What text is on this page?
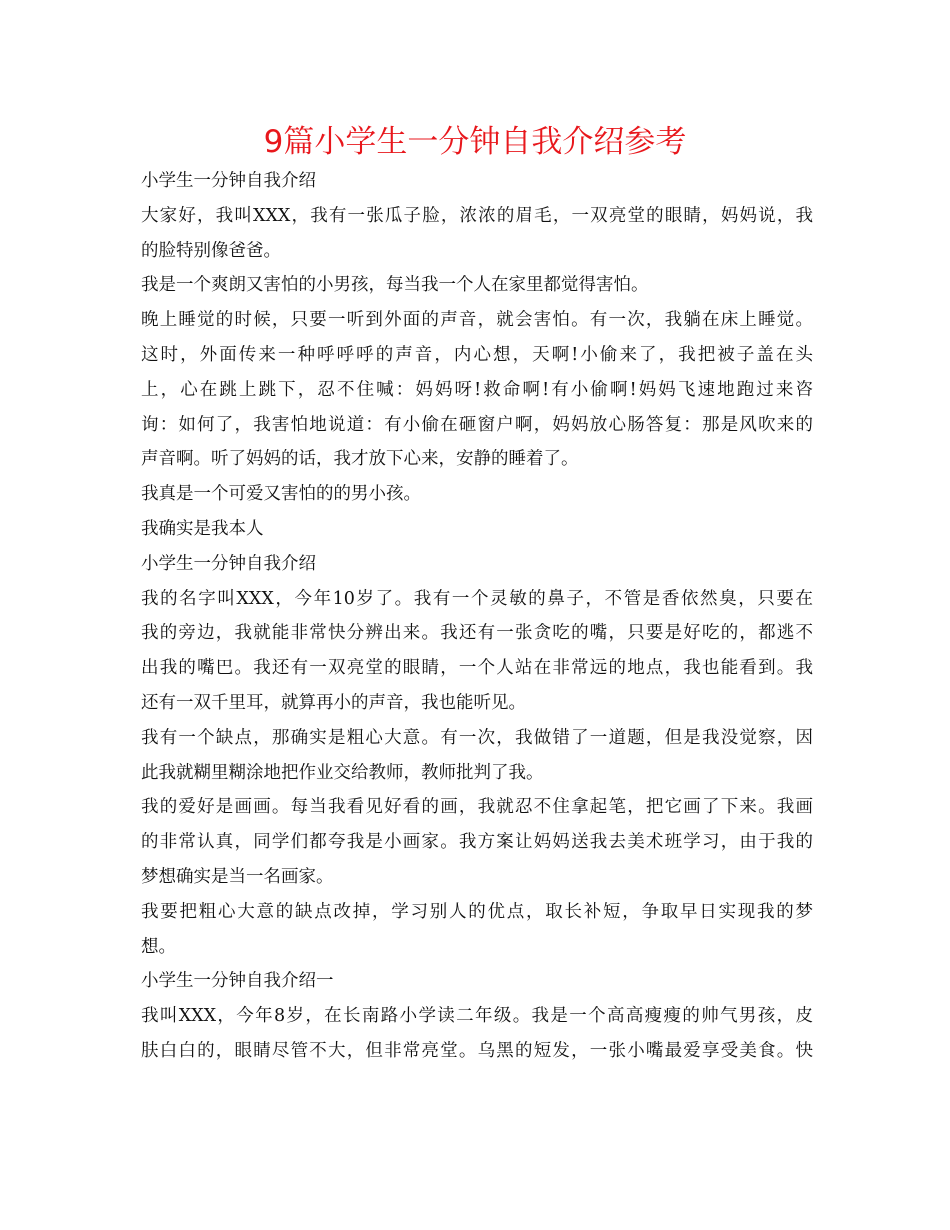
9篇小学生一分钟自我介绍参考
小学生一分钟自我介绍
大家好，我叫XXX，我有一张瓜子脸，浓浓的眉毛，一双亮堂的眼睛，妈妈说，我
的脸特别像爸爸。
我是一个爽朗又害怕的小男孩，每当我一个人在家里都觉得害怕。
晚上睡觉的时候，只要一听到外面的声音，就会害怕。有一次，我躺在床上睡觉。
这时，外面传来一种呼呼呼的声音，内心想，天啊!小偷来了，我把被子盖在头
上，心在跳上跳下，忍不住喊：妈妈呀!救命啊!有小偷啊!妈妈飞速地跑过来咨
询：如何了，我害怕地说道：有小偷在砸窗户啊，妈妈放心肠答复：那是风吹来的
声音啊。听了妈妈的话，我才放下心来，安静的睡着了。
我真是一个可爱又害怕的的男小孩。
我确实是我本人
小学生一分钟自我介绍
我的名字叫XXX，今年10岁了。我有一个灵敏的鼻子，不管是香依然臭，只要在
我的旁边，我就能非常快分辨出来。我还有一张贪吃的嘴，只要是好吃的，都逃不
出我的嘴巴。我还有一双亮堂的眼睛，一个人站在非常远的地点，我也能看到。我
还有一双千里耳，就算再小的声音，我也能听见。
我有一个缺点，那确实是粗心大意。有一次，我做错了一道题，但是我没觉察，因
此我就糊里糊涂地把作业交给教师，教师批判了我。
我的爱好是画画。每当我看见好看的画，我就忍不住拿起笔，把它画了下来。我画
的非常认真，同学们都夸我是小画家。我方案让妈妈送我去美术班学习，由于我的
梦想确实是当一名画家。
我要把粗心大意的缺点改掉，学习别人的优点，取长补短，争取早日实现我的梦
想。
小学生一分钟自我介绍一
我叫XXX，今年8岁，在长南路小学读二年级。我是一个高高瘦瘦的帅气男孩，皮
肤白白的，眼睛尽管不大，但非常亮堂。乌黑的短发，一张小嘴最爱享受美食。快
